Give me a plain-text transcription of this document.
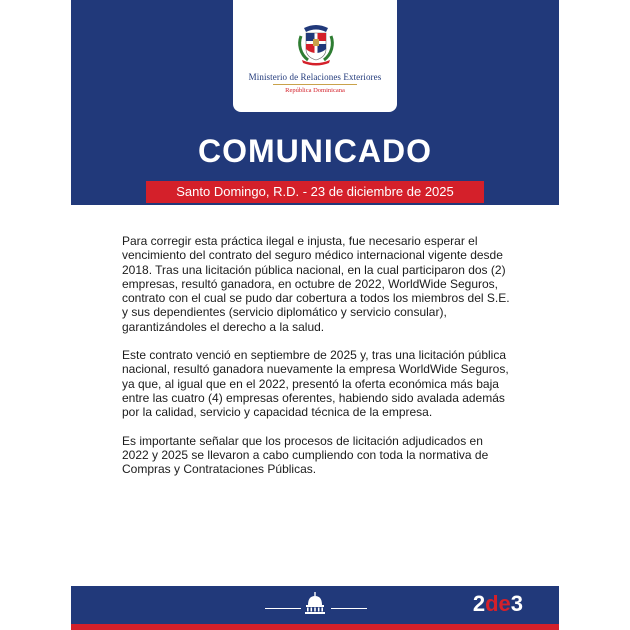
Ministerio de Relaciones Exteriores
República Dominicana
COMUNICADO
Santo Domingo, R.D. - 23 de diciembre de 2025

Para corregir esta práctica ilegal e injusta, fue necesario esperar el vencimiento del contrato del seguro médico internacional vigente desde 2018. Tras una licitación pública nacional, en la cual participaron dos (2) empresas, resultó ganadora, en octubre de 2022, WorldWide Seguros, contrato con el cual se pudo dar cobertura a todos los miembros del S.E. y sus dependientes (servicio diplomático y servicio consular), garantizándoles el derecho a la salud.

Este contrato venció en septiembre de 2025 y, tras una licitación pública nacional, resultó ganadora nuevamente la empresa WorldWide Seguros, ya que, al igual que en el 2022, presentó la oferta económica más baja entre las cuatro (4) empresas oferentes, habiendo sido avalada además por la calidad, servicio y capacidad técnica de la empresa.

Es importante señalar que los procesos de licitación adjudicados en 2022 y 2025 se llevaron a cabo cumpliendo con toda la normativa de Compras y Contrataciones Públicas.

2de3
